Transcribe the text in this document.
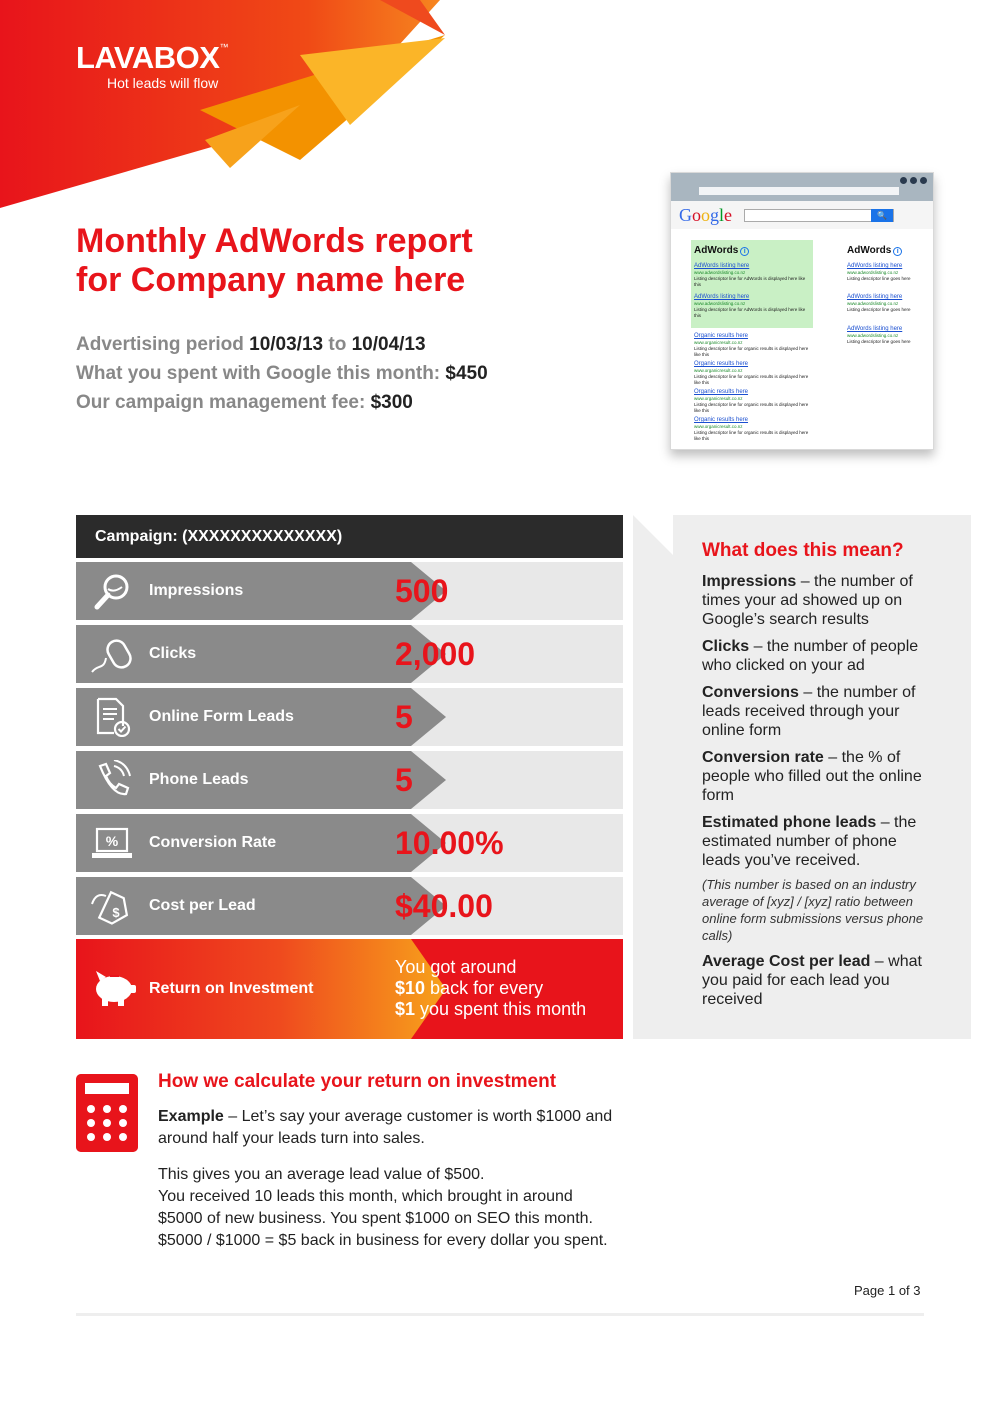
LAVABOX™
Hot leads will flow
Monthly AdWords report
for Company name here
Advertising period 10/03/13 to 10/04/13
What you spent with Google this month: $450
Our campaign management fee: $300
Google	🔍
AdWords i	AdWords i
AdWords listing here
www.adwordslisting.co.nz
Listing descriptor line for AdWords is displayed here like this
AdWords listing here
www.adwordslisting.co.nz
Listing descriptor line for AdWords is displayed here like this
Organic results here
www.organicresult.co.nz
Listing descriptor line for organic results is displayed here like this
Organic results here
www.organicresult.co.nz
Listing descriptor line for organic results is displayed here like this
Organic results here
www.organicresult.co.nz
Listing descriptor line for organic results is displayed here like this
Organic results here
www.organicresult.co.nz
Listing descriptor line for organic results is displayed here like this
AdWords listing here
www.adwordslisting.co.nz
Listing descriptor line goes here
AdWords listing here
www.adwordslisting.co.nz
Listing descriptor line goes here
AdWords listing here
www.adwordslisting.co.nz
Listing descriptor line goes here
Campaign: (XXXXXXXXXXXXXX)
Impressions	500
Clicks	2,000
Online Form Leads	5
Phone Leads	5
% Conversion Rate	10.00%
$ Cost per Lead	$40.00
Return on Investment
You got around
$10 back for every
$1 you spent this month
What does this mean?

Impressions – the number of times your ad showed up on Google’s search results

Clicks – the number of people who clicked on your ad

Conversions – the number of leads received through your online form

Conversion rate – the % of people who filled out the online form

Estimated phone leads – the estimated number of phone leads you’ve received.

(This number is based on an industry average of [xyz] / [xyz] ratio between online form submissions versus phone calls)

Average Cost per lead – what you paid for each lead you received

How we calculate your return on investment
Example – Let’s say your average customer is worth $1000 and around half your leads turn into sales.
This gives you an average lead value of $500.
You received 10 leads this month, which brought in around
$5000 of new business. You spent $1000 on SEO this month.
$5000 / $1000 = $5 back in business for every dollar you spent.
Page 1 of 3
